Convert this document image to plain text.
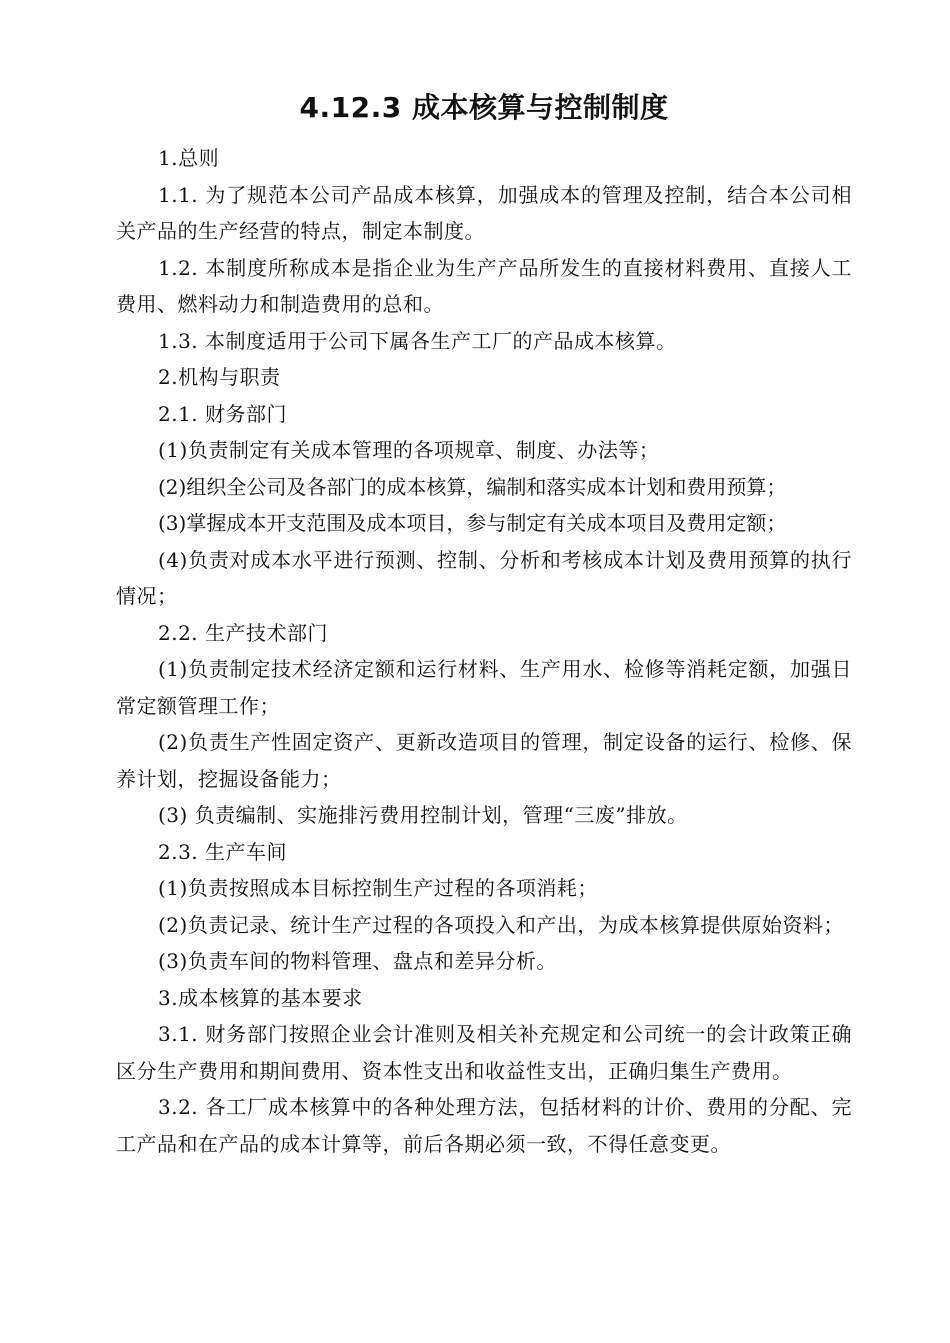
4.12.3 成本核算与控制制度

1.总则

1.1. 为了规范本公司产品成本核算，加强成本的管理及控制，结合本公司相关产品的生产经营的特点，制定本制度。

1.2. 本制度所称成本是指企业为生产产品所发生的直接材料费用、直接人工费用、燃料动力和制造费用的总和。

1.3. 本制度适用于公司下属各生产工厂的产品成本核算。

2.机构与职责

2.1. 财务部门

(1)负责制定有关成本管理的各项规章、制度、办法等；

(2)组织全公司及各部门的成本核算，编制和落实成本计划和费用预算；

(3)掌握成本开支范围及成本项目，参与制定有关成本项目及费用定额；

(4)负责对成本水平进行预测、控制、分析和考核成本计划及费用预算的执行情况；

2.2. 生产技术部门

(1)负责制定技术经济定额和运行材料、生产用水、检修等消耗定额，加强日常定额管理工作；

(2)负责生产性固定资产、更新改造项目的管理，制定设备的运行、检修、保养计划，挖掘设备能力；

(3) 负责编制、实施排污费用控制计划，管理“三废”排放。

2.3. 生产车间

(1)负责按照成本目标控制生产过程的各项消耗；

(2)负责记录、统计生产过程的各项投入和产出，为成本核算提供原始资料；

(3)负责车间的物料管理、盘点和差异分析。

3.成本核算的基本要求

3.1. 财务部门按照企业会计准则及相关补充规定和公司统一的会计政策正确区分生产费用和期间费用、资本性支出和收益性支出，正确归集生产费用。

3.2. 各工厂成本核算中的各种处理方法，包括材料的计价、费用的分配、完工产品和在产品的成本计算等，前后各期必须一致，不得任意变更。
